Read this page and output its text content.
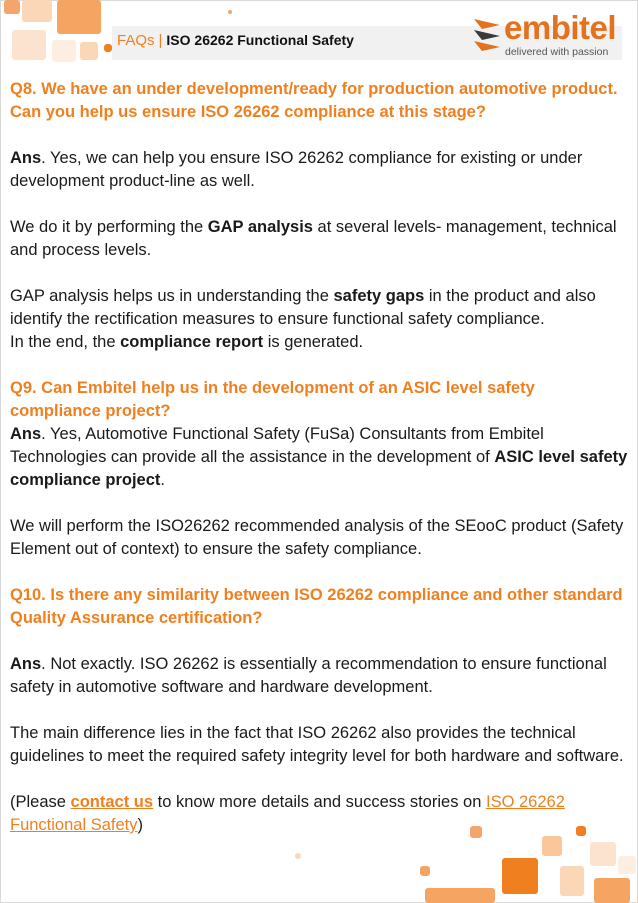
FAQs | ISO 26262 Functional Safety	embitel
delivered with passion

Q8. We have an under development/ready for production automotive product. Can you help us ensure ISO 26262 compliance at this stage?

Ans. Yes, we can help you ensure ISO 26262 compliance for existing or under development product-line as well.

We do it by performing the GAP analysis at several levels- management, technical and process levels.

GAP analysis helps us in understanding the safety gaps in the product and also identify the rectification measures to ensure functional safety compliance.

In the end, the compliance report is generated.

Q9. Can Embitel help us in the development of an ASIC level safety compliance project?

Ans. Yes, Automotive Functional Safety (FuSa) Consultants from Embitel Technologies can provide all the assistance in the development of ASIC level safety compliance project.

We will perform the ISO26262 recommended analysis of the SEooC product (Safety Element out of context) to ensure the safety compliance.

Q10. Is there any similarity between ISO 26262 compliance and other standard Quality Assurance certification?

Ans. Not exactly. ISO 26262 is essentially a recommendation to ensure functional safety in automotive software and hardware development.

The main difference lies in the fact that ISO 26262 also provides the technical guidelines to meet the required safety integrity level for both hardware and software.

(Please contact us to know more details and success stories on ISO 26262 Functional Safety)
